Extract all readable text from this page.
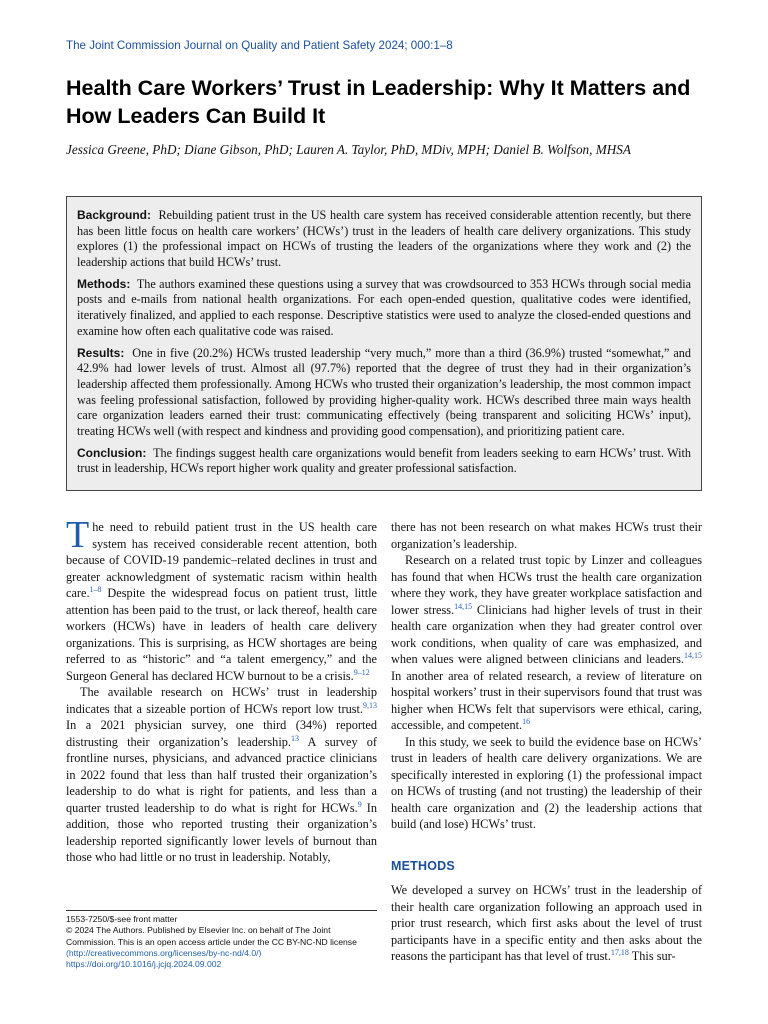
The Joint Commission Journal on Quality and Patient Safety 2024; 000:1–8
Health Care Workers’ Trust in Leadership: Why It Matters and How Leaders Can Build It
Jessica Greene, PhD; Diane Gibson, PhD; Lauren A. Taylor, PhD, MDiv, MPH; Daniel B. Wolfson, MHSA

Background: Rebuilding patient trust in the US health care system has received considerable attention recently, but there has been little focus on health care workers’ (HCWs’) trust in the leaders of health care delivery organizations. This study explores (1) the professional impact on HCWs of trusting the leaders of the organizations where they work and (2) the leadership actions that build HCWs’ trust.

Methods: The authors examined these questions using a survey that was crowdsourced to 353 HCWs through social media posts and e-mails from national health organizations. For each open-ended question, qualitative codes were identified, iteratively finalized, and applied to each response. Descriptive statistics were used to analyze the closed-ended questions and examine how often each qualitative code was raised.

Results: One in five (20.2%) HCWs trusted leadership “very much,” more than a third (36.9%) trusted “somewhat,” and 42.9% had lower levels of trust. Almost all (97.7%) reported that the degree of trust they had in their organization’s leadership affected them professionally. Among HCWs who trusted their organization’s leadership, the most common impact was feeling professional satisfaction, followed by providing higher-quality work. HCWs described three main ways health care organization leaders earned their trust: communicating effectively (being transparent and soliciting HCWs’ input), treating HCWs well (with respect and kindness and providing good compensation), and prioritizing patient care.

Conclusion: The findings suggest health care organizations would benefit from leaders seeking to earn HCWs’ trust. With trust in leadership, HCWs report higher work quality and greater professional satisfaction.

The need to rebuild patient trust in the US health care system has received considerable recent attention, both because of COVID-19 pandemic–related declines in trust and greater acknowledgment of systematic racism within health care.$^{1-8}$ Despite the widespread focus on patient trust, little attention has been paid to the trust, or lack thereof, health care workers (HCWs) have in leaders of health care delivery organizations. This is surprising, as HCW shortages are being referred to as “historic” and “a talent emergency,” and the Surgeon General has declared HCW burnout to be a crisis.$^{9-12}$

The available research on HCWs’ trust in leadership indicates that a sizeable portion of HCWs report low trust.$^{9,13}$ In a 2021 physician survey, one third (34%) reported distrusting their organization’s leadership.$^{13}$ A survey of frontline nurses, physicians, and advanced practice clinicians in 2022 found that less than half trusted their organization’s leadership to do what is right for patients, and less than a quarter trusted leadership to do what is right for HCWs.$^9$ In addition, those who reported trusting their organization’s leadership reported significantly lower levels of burnout than those who had little or no trust in leadership. Notably,

there has not been research on what makes HCWs trust their organization’s leadership.

Research on a related trust topic by Linzer and colleagues has found that when HCWs trust the health care organization where they work, they have greater workplace satisfaction and lower stress.$^{14,15}$ Clinicians had higher levels of trust in their health care organization when they had greater control over work conditions, when quality of care was emphasized, and when values were aligned between clinicians and leaders.$^{14,15}$ In another area of related research, a review of literature on hospital workers’ trust in their supervisors found that trust was higher when HCWs felt that supervisors were ethical, caring, accessible, and competent.$^{16}$

In this study, we seek to build the evidence base on HCWs’ trust in leaders of health care delivery organizations. We are specifically interested in exploring (1) the professional impact on HCWs of trusting (and not trusting) the leadership of their health care organization and (2) the leadership actions that build (and lose) HCWs’ trust.

METHODS

We developed a survey on HCWs’ trust in the leadership of their health care organization following an approach used in prior trust research, which first asks about the level of trust participants have in a specific entity and then asks about the reasons the participant has that level of trust.$^{17,18}$ This sur-

1553-7250/$-see front matter
© 2024 The Authors. Published by Elsevier Inc. on behalf of The Joint Commission. This is an open access article under the CC BY-NC-ND license (http://creativecommons.org/licenses/by-nc-nd/4.0/)
https://doi.org/10.1016/j.jcjq.2024.09.002
